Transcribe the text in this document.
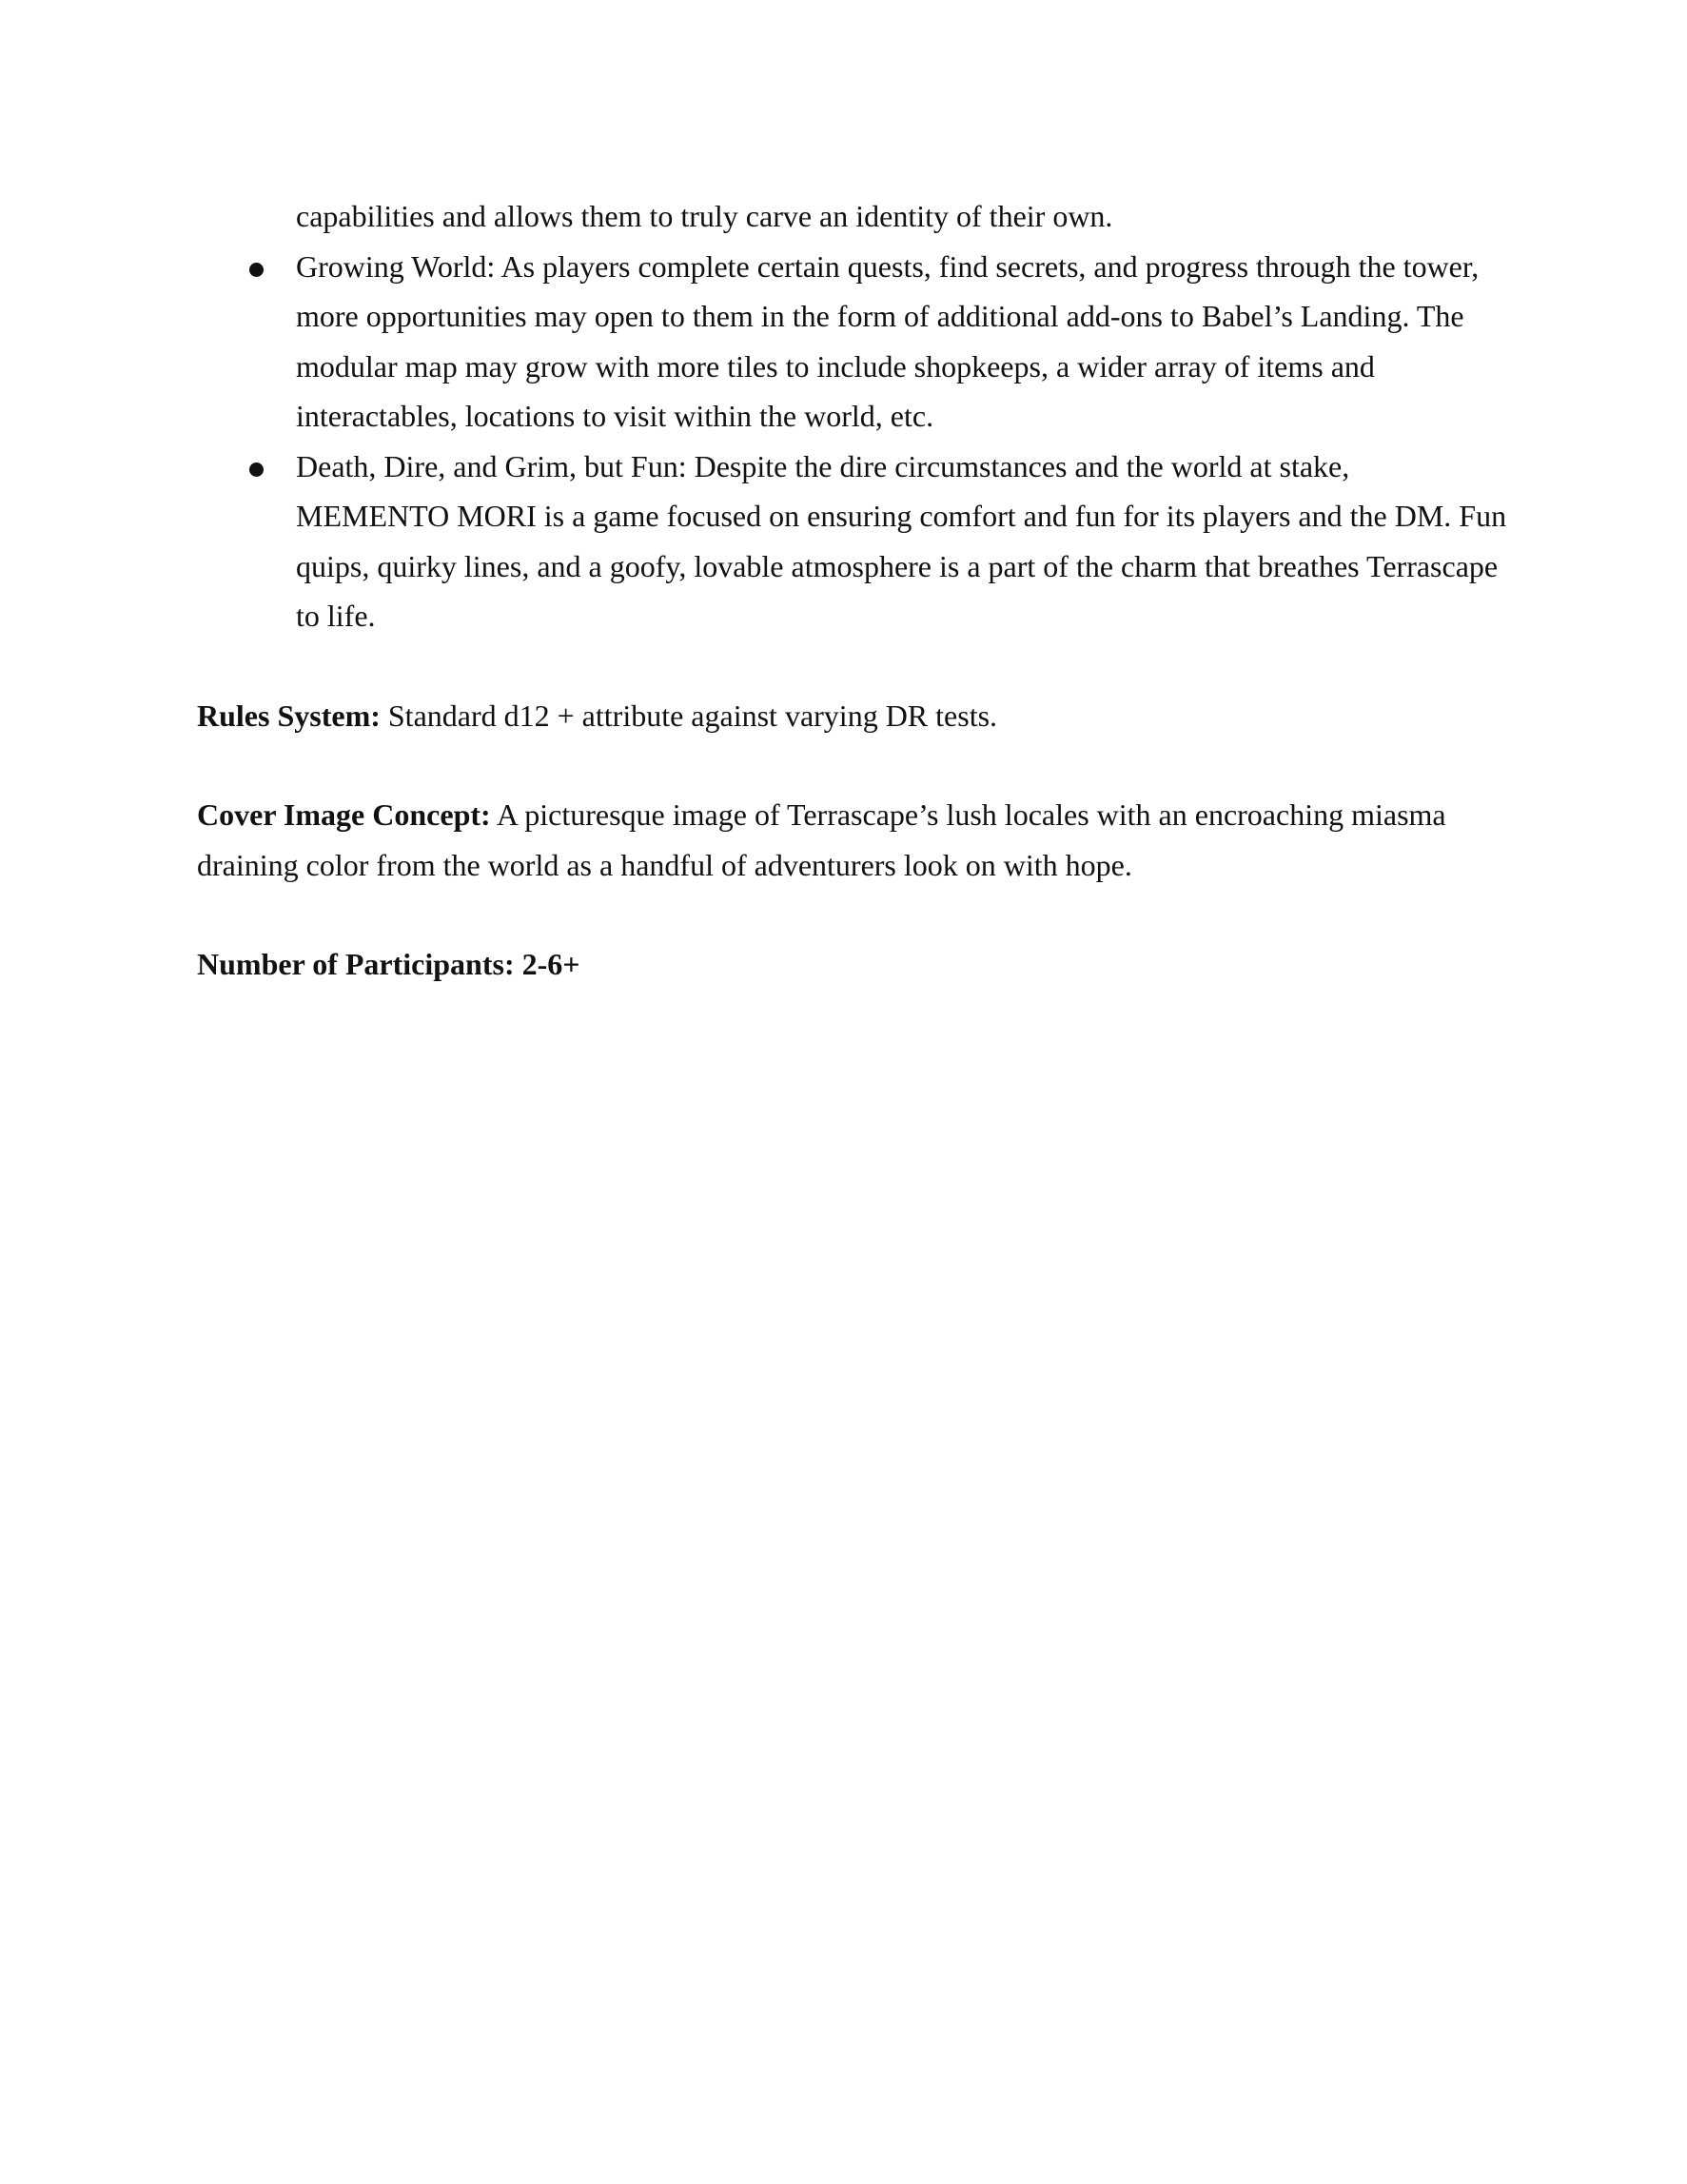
capabilities and allows them to truly carve an identity of their own.
Growing World: As players complete certain quests, find secrets, and progress through the tower, more opportunities may open to them in the form of additional add-ons to Babel’s Landing. The modular map may grow with more tiles to include shopkeeps, a wider array of items and interactables, locations to visit within the world, etc.
Death, Dire, and Grim, but Fun: Despite the dire circumstances and the world at stake, MEMENTO MORI is a game focused on ensuring comfort and fun for its players and the DM. Fun quips, quirky lines, and a goofy, lovable atmosphere is a part of the charm that breathes Terrascape to life.

Rules System: Standard d12 + attribute against varying DR tests.

Cover Image Concept: A picturesque image of Terrascape’s lush locales with an encroaching miasma draining color from the world as a handful of adventurers look on with hope.

Number of Participants: 2-6+
